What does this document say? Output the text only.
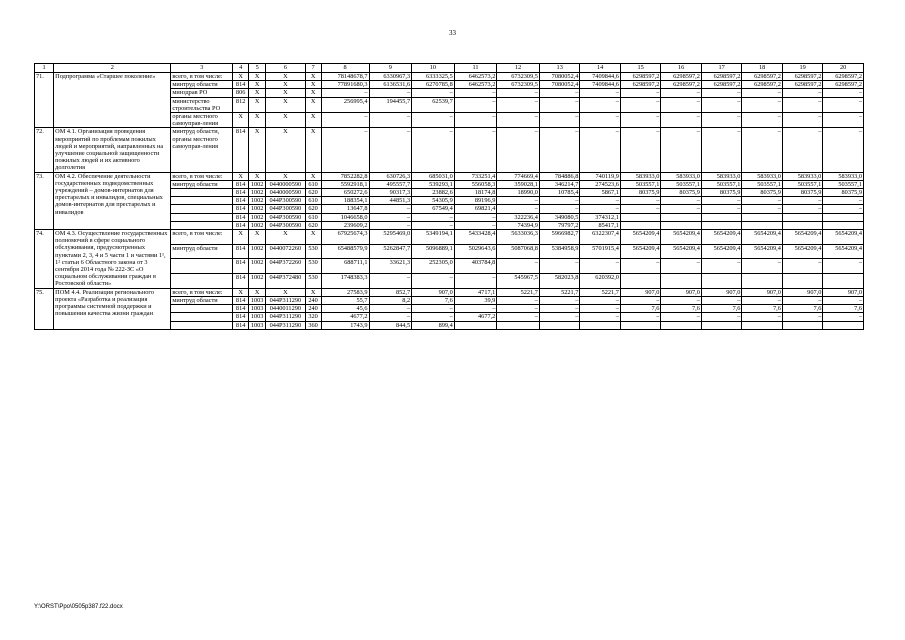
33
1	2	3	4	5	6	7	8	9	10	11	12	13	14	15	16	17	18	19	20
71.	Подпрограмма «Старшее поколение»	всего, в том числе:	X	X	X	X	78148678,7	6330967,3	6333325,5	6462573,2	6732309,5	7080052,4	7409844,6	6298597,2	6298597,2	6298597,2	6298597,2	6298597,2	6298597,2
		минтруд области	814	X	X	X	77891680,3	6136531,6	6270785,8	6462573,2	6732309,5	7080052,4	7409844,6	6298597,2	6298597,2	6298597,2	6298597,2	6298597,2	6298597,2
		минздрав РО	806	X	X	X	–	–	–	–	–	–	–	–	–	–	–	–	–
		министерство строительства РО	812	X	X	X	256995,4	194455,7	62539,7	–	–	–	–	–	–	–	–	–	–
		органы местного самоуправ-ления	X	X	X	X	–	–	–	–	–	–	–	–	–	–	–	–	–
72.	ОМ 4.1. Организация проведения мероприятий по проблемам пожилых людей и мероприятий, направленных на улучшение социальной защищенности пожилых людей и их активного долголетия	минтруд области, органы местного самоуправ-ления	814	X	X	X	–	–	–	–	–	–	–	–	–	–	–	–	–
73.	ОМ 4.2. Обеспечение деятельности государственных подведомственных учреждений – домов-интернатов для престарелых и инвалидов, специальных домов-интернатов для престарелых и инвалидов	всего, в том числе:	X	X	X	X	7852282,8	630726,3	685031,0	733251,4	774669,4	784886,8	740119,9	583933,0	583933,0	583933,0	583933,0	583933,0	583933,0
		минтруд области	814	1002	0440000590	610	5592918,1	495557,7	539293,1	556058,3	359028,1	346214,7	274523,6	503557,1	503557,1	503557,1	503557,1	503557,1	503557,1
			814	1002	0440000590	620	650272,6	90317,3	23882,6	18174,8	18990,0	10785,4	5867,1	80375,9	80375,9	80375,9	80375,9	80375,9	80375,9
			814	1002	044Р300590	610	188354,1	44851,3	54305,9	89196,9	–	–	–	–	–	–	–	–	–
			814	1002	044Р300590	620	13647,8	–	67549,4	69821,4	–	–	–	–	–	–	–	–	–
			814	1002	044Р300590	610	1046658,0	–	–	–	322236,4	349080,5	374312,1						
			814	1002	044Р300590	620	239609,2	–	–	–	74394,9	79797,2	85417,1						
74.	ОМ 4.3. Осуществление государственных полномочий в сфере социального обслуживания, предусмотренных пунктами 2, 3, 4 и 5 части 1 и частями 1¹, 1² статьи 6 Областного закона от 3 сентября 2014 года № 222-ЗС «О социальном обслуживании граждан в Ростовской области»	всего, в том числе:	X	X	X	X	67925674,3	5295469,0	5349194,1	5433428,4	5633036,3	5966982,7	6322307,4	5654209,4	5654209,4	5654209,4	5654209,4	5654209,4	5654209,4
		минтруд области	814	1002	0440072260	530	65488579,9	5262847,7	5096889,1	5029643,6	5087068,8	5384958,9	5701915,4	5654209,4	5654209,4	5654209,4	5654209,4	5654209,4	5654209,4
			814	1002	044Р372260	530	688711,1	33621,3	252305,0	403784,8	–	–	–	–	–	–	–	–	–
			814	1002	044Р372480	530	1748383,3	–	–	–	545967,5	582023,8	620392,0						
75.	ПОМ 4.4. Реализация регионального проекта «Разработка и реализация программы системной поддержки и повышения качества жизни граждан	всего, в том числе:	X	X	X	X	27583,9	852,7	907,0	4717,1	5221,7	5221,7	5221,7	907,0	907,0	907,0	907,0	907,0	907,0
		минтруд области	814	1003	044Р311290	240	55,7	8,2	7,6	39,9	–	–	–	–	–	–	–	–	–
			814	1003	0440011290	240	45,6	–	–	–	–	–	–	7,6	7,6	7,6	7,6	7,6	7,6
			814	1003	044Р311290	320	4677,2	–	–	4677,2	–	–	–	–	–	–	–	–	–
			814	1003	044Р311290	360	1743,9	844,5	899,4										
Y:\ORST\Ppo\0505p387.f22.docx
